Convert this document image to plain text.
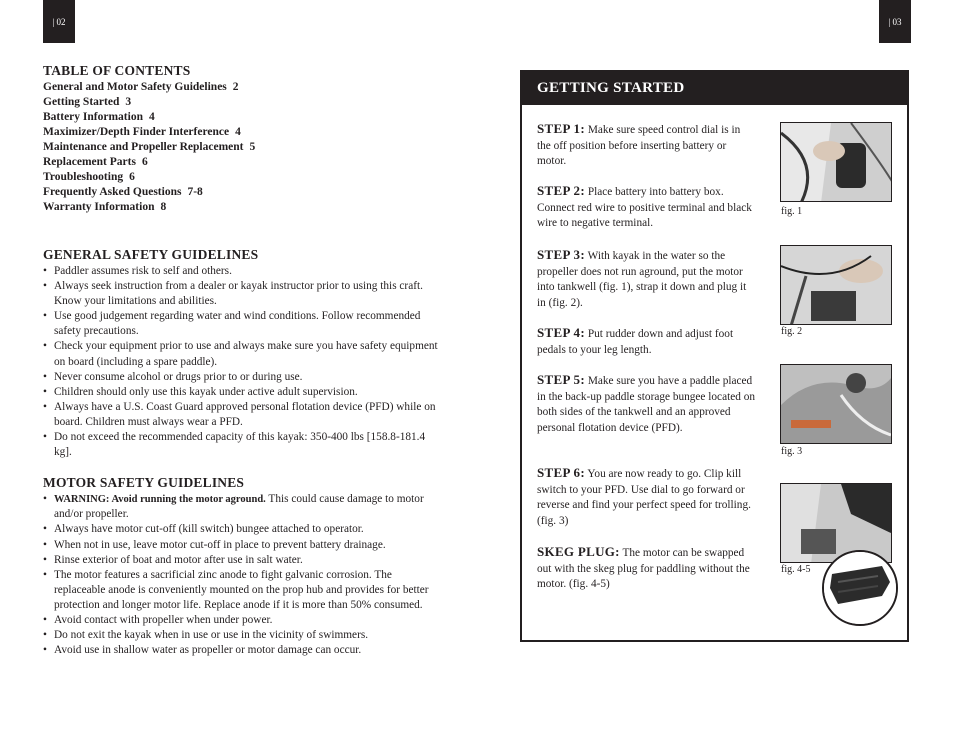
| 02	| 03
TABLE OF CONTENTS
General and Motor Safety Guidelines 2
Getting Started 3
Battery Information 4
Maximizer/Depth Finder Interference 4
Maintenance and Propeller Replacement 5
Replacement Parts 6
Troubleshooting 6
Frequently Asked Questions 7-8
Warranty Information 8
GENERAL SAFETY GUIDELINES
• Paddler assumes risk to self and others.
• Always seek instruction from a dealer or kayak instructor prior to using this craft. Know your limitations and abilities.
• Use good judgement regarding water and wind conditions. Follow recommended safety precautions.
• Check your equipment prior to use and always make sure you have safety equipment on board (including a spare paddle).
• Never consume alcohol or drugs prior to or during use.
• Children should only use this kayak under active adult supervision.
• Always have a U.S. Coast Guard approved personal flotation device (PFD) while on board. Children must always wear a PFD.
• Do not exceed the recommended capacity of this kayak: 350-400 lbs [158.8-181.4 kg].
MOTOR SAFETY GUIDELINES
• WARNING: Avoid running the motor aground. This could cause damage to motor and/or propeller.
• Always have motor cut-off (kill switch) bungee attached to operator.
• When not in use, leave motor cut-off in place to prevent battery drainage.
• Rinse exterior of boat and motor after use in salt water.
• The motor features a sacrificial zinc anode to fight galvanic corrosion. The replaceable anode is conveniently mounted on the prop hub and provides for better protection and longer motor life. Replace anode if it is more than 50% consumed.
• Avoid contact with propeller when under power.
• Do not exit the kayak when in use or use in the vicinity of swimmers.
• Avoid use in shallow water as propeller or motor damage can occur.
GETTING STARTED
STEP 1: Make sure speed control dial is in the off position before inserting battery or motor.
STEP 2: Place battery into battery box. Connect red wire to positive terminal and black wire to negative terminal.
STEP 3: With kayak in the water so the propeller does not run aground, put the motor into tankwell (fig. 1), strap it down and plug it in (fig. 2).
STEP 4: Put rudder down and adjust foot pedals to your leg length.
STEP 5: Make sure you have a paddle placed in the back-up paddle storage bungee located on both sides of the tankwell and an approved personal flotation device (PFD).
STEP 6: You are now ready to go. Clip kill switch to your PFD. Use dial to go forward or reverse and find your perfect speed for trolling. (fig. 3)
SKEG PLUG: The motor can be swapped out with the skeg plug for paddling without the motor. (fig. 4-5)
fig. 1
fig. 2
fig. 3
fig. 4-5
